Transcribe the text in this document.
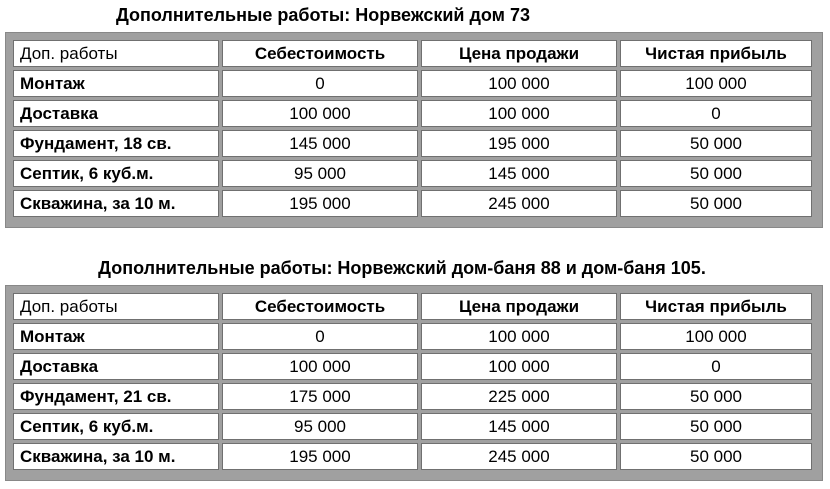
Дополнительные работы: Норвежский дом 73
Доп. работы	Себестоимость	Цена продажи	Чистая прибыль
Монтаж	0	100 000	100 000
Доставка	100 000	100 000	0
Фундамент, 18 св.	145 000	195 000	50 000
Септик, 6 куб.м.	95 000	145 000	50 000
Скважина, за 10 м.	195 000	245 000	50 000
Дополнительные работы: Норвежский дом-баня 88 и дом-баня 105.
Доп. работы	Себестоимость	Цена продажи	Чистая прибыль
Монтаж	0	100 000	100 000
Доставка	100 000	100 000	0
Фундамент, 21 св.	175 000	225 000	50 000
Септик, 6 куб.м.	95 000	145 000	50 000
Скважина, за 10 м.	195 000	245 000	50 000
